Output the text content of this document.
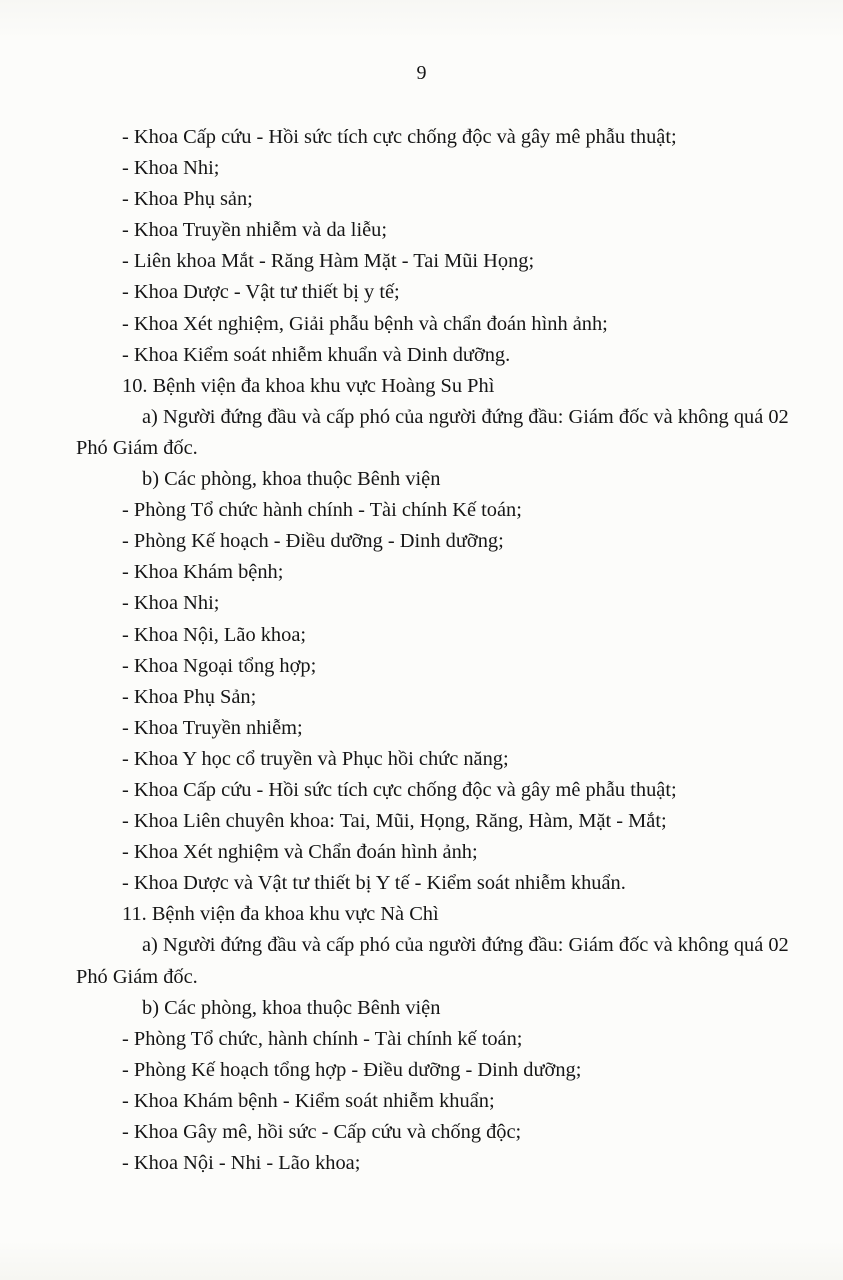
9
- Khoa Cấp cứu - Hồi sức tích cực chống độc và gây mê phẫu thuật;
- Khoa Nhi;
- Khoa Phụ sản;
- Khoa Truyền nhiễm và da liễu;
- Liên khoa Mắt - Răng Hàm Mặt - Tai Mũi Họng;
- Khoa Dược - Vật tư thiết bị y tế;
- Khoa Xét nghiệm, Giải phẫu bệnh và chẩn đoán hình ảnh;
- Khoa Kiểm soát nhiễm khuẩn và Dinh dưỡng.
10. Bệnh viện đa khoa khu vực Hoàng Su Phì
a) Người đứng đầu và cấp phó của người đứng đầu: Giám đốc và không quá 02
Phó Giám đốc.
b) Các phòng, khoa thuộc Bênh viện
- Phòng Tổ chức hành chính - Tài chính Kế toán;
- Phòng Kế hoạch - Điều dưỡng - Dinh dưỡng;
- Khoa Khám bệnh;
- Khoa Nhi;
- Khoa Nội, Lão khoa;
- Khoa Ngoại tổng hợp;
- Khoa Phụ Sản;
- Khoa Truyền nhiễm;
- Khoa Y học cổ truyền và Phục hồi chức năng;
- Khoa Cấp cứu - Hồi sức tích cực chống độc và gây mê phẫu thuật;
- Khoa Liên chuyên khoa: Tai, Mũi, Họng, Răng, Hàm, Mặt - Mắt;
- Khoa Xét nghiệm và Chẩn đoán hình ảnh;
- Khoa Dược và Vật tư thiết bị Y tế - Kiểm soát nhiễm khuẩn.
11. Bệnh viện đa khoa khu vực Nà Chì
a) Người đứng đầu và cấp phó của người đứng đầu: Giám đốc và không quá 02
Phó Giám đốc.
b) Các phòng, khoa thuộc Bênh viện
- Phòng Tổ chức, hành chính - Tài chính kế toán;
- Phòng Kế hoạch tổng hợp - Điều dưỡng - Dinh dưỡng;
- Khoa Khám bệnh - Kiểm soát nhiễm khuẩn;
- Khoa Gây mê, hồi sức - Cấp cứu và chống độc;
- Khoa Nội - Nhi - Lão khoa;
